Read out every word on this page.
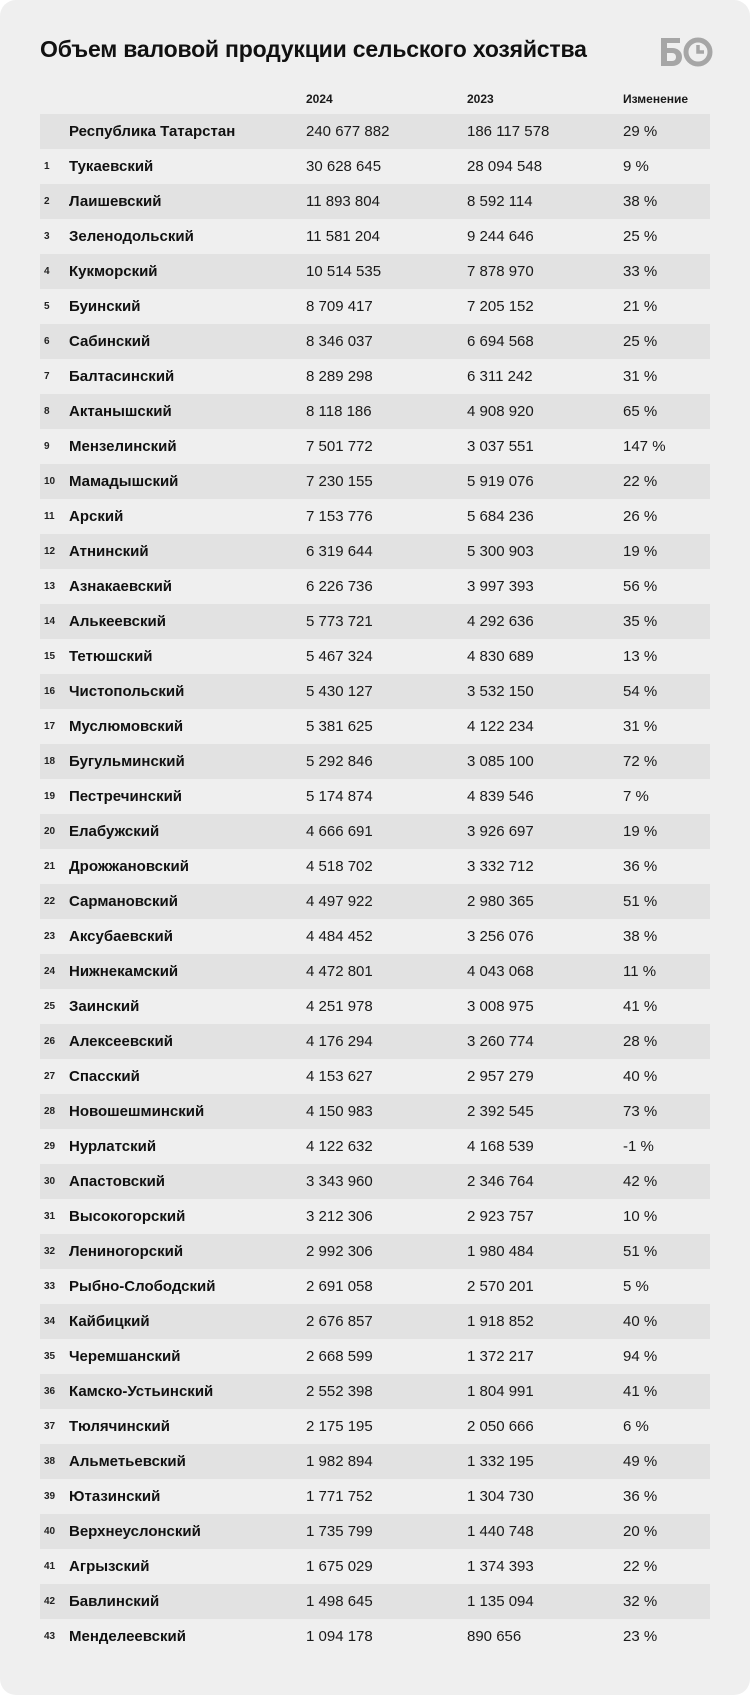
Объем валовой продукции сельского хозяйства
2024	2023	Изменение
Республика Татарстан	240 677 882	186 117 578	29 %
1 Тукаевский	30 628 645	28 094 548	9 %
2 Лаишевский	11 893 804	8 592 114	38 %
3 Зеленодольский	11 581 204	9 244 646	25 %
4 Кукморский	10 514 535	7 878 970	33 %
5 Буинский	8 709 417	7 205 152	21 %
6 Сабинский	8 346 037	6 694 568	25 %
7 Балтасинский	8 289 298	6 311 242	31 %
8 Актанышский	8 118 186	4 908 920	65 %
9 Мензелинский	7 501 772	3 037 551	147 %
10 Мамадышский	7 230 155	5 919 076	22 %
11 Арский	7 153 776	5 684 236	26 %
12 Атнинский	6 319 644	5 300 903	19 %
13 Азнакаевский	6 226 736	3 997 393	56 %
14 Алькеевский	5 773 721	4 292 636	35 %
15 Тетюшский	5 467 324	4 830 689	13 %
16 Чистопольский	5 430 127	3 532 150	54 %
17 Муслюмовский	5 381 625	4 122 234	31 %
18 Бугульминский	5 292 846	3 085 100	72 %
19 Пестречинский	5 174 874	4 839 546	7 %
20 Елабужский	4 666 691	3 926 697	19 %
21 Дрожжановский	4 518 702	3 332 712	36 %
22 Сармановский	4 497 922	2 980 365	51 %
23 Аксубаевский	4 484 452	3 256 076	38 %
24 Нижнекамский	4 472 801	4 043 068	11 %
25 Заинский	4 251 978	3 008 975	41 %
26 Алексеевский	4 176 294	3 260 774	28 %
27 Спасский	4 153 627	2 957 279	40 %
28 Новошешминский	4 150 983	2 392 545	73 %
29 Нурлатский	4 122 632	4 168 539	-1 %
30 Апастовский	3 343 960	2 346 764	42 %
31 Высокогорский	3 212 306	2 923 757	10 %
32 Лениногорский	2 992 306	1 980 484	51 %
33 Рыбно-Слободский	2 691 058	2 570 201	5 %
34 Кайбицкий	2 676 857	1 918 852	40 %
35 Черемшанский	2 668 599	1 372 217	94 %
36 Камско-Устьинский	2 552 398	1 804 991	41 %
37 Тюлячинский	2 175 195	2 050 666	6 %
38 Альметьевский	1 982 894	1 332 195	49 %
39 Ютазинский	1 771 752	1 304 730	36 %
40 Верхнеуслонский	1 735 799	1 440 748	20 %
41 Агрызский	1 675 029	1 374 393	22 %
42 Бавлинский	1 498 645	1 135 094	32 %
43 Менделеевский	1 094 178	890 656	23 %
